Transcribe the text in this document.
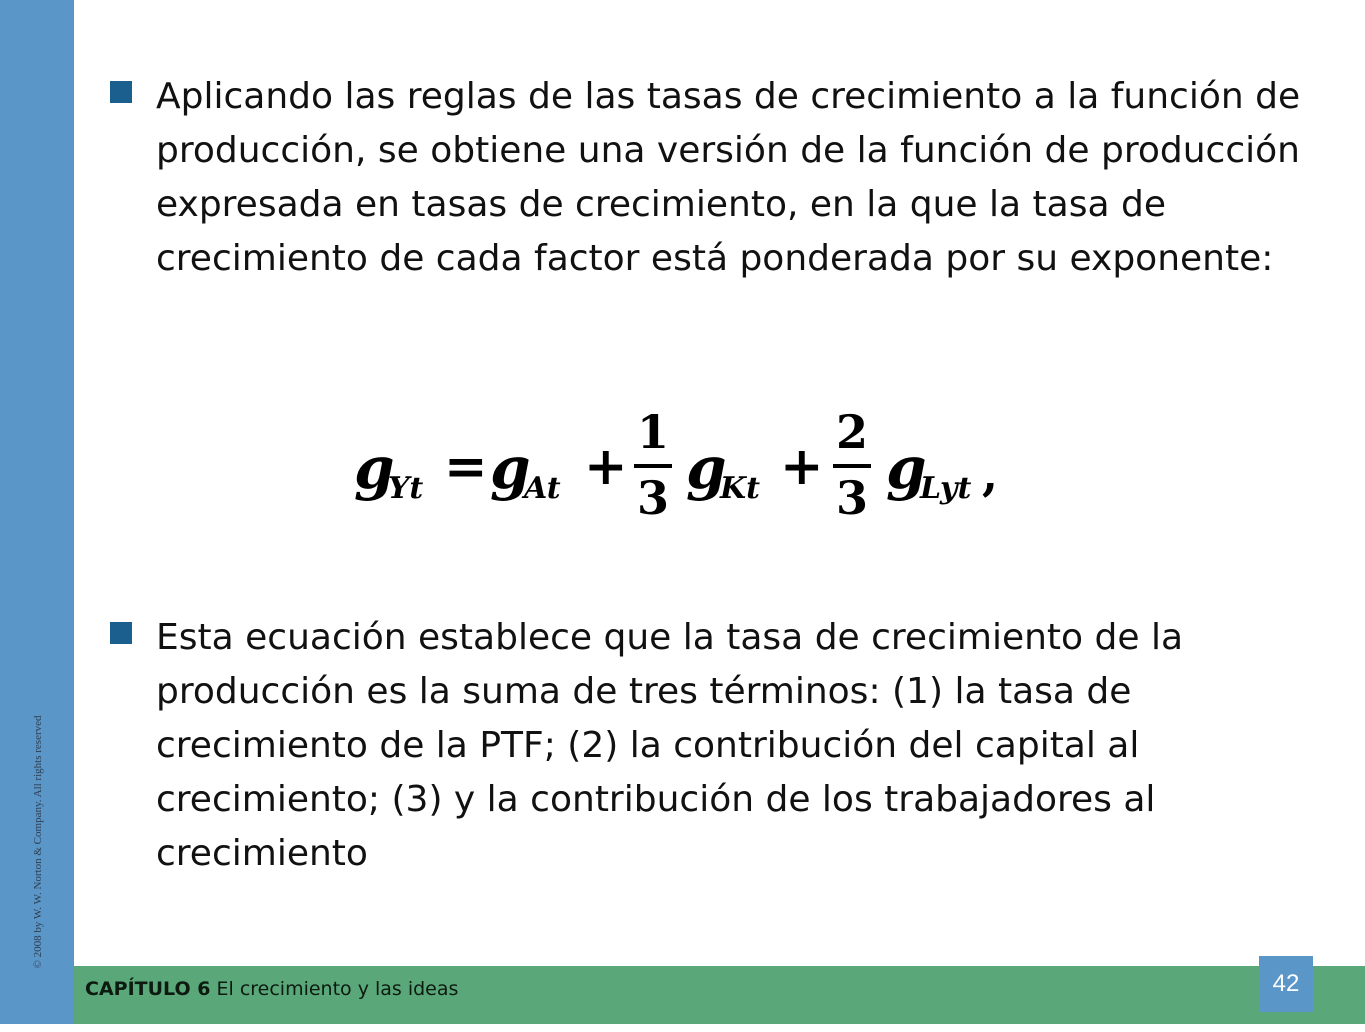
© 2008 by W. W. Norton & Company. All rights reserved

Aplicando las reglas de las tasas de crecimiento a la función de producción, se obtiene una versión de la función de producción expresada en tasas de crecimiento, en la que la tasa de crecimiento de cada factor está ponderada por su exponente:

g
Yt = g
At +
1
3 g
Kt +
2
3 g
Lyt ,

Esta ecuación establece que la tasa de crecimiento de la producción es la suma de tres términos: (1) la tasa de crecimiento de la PTF; (2) la contribución del capital al crecimiento; (3) y la contribución de los trabajadores al crecimiento

CAPÍTULO 6 El crecimiento y las ideas	42
